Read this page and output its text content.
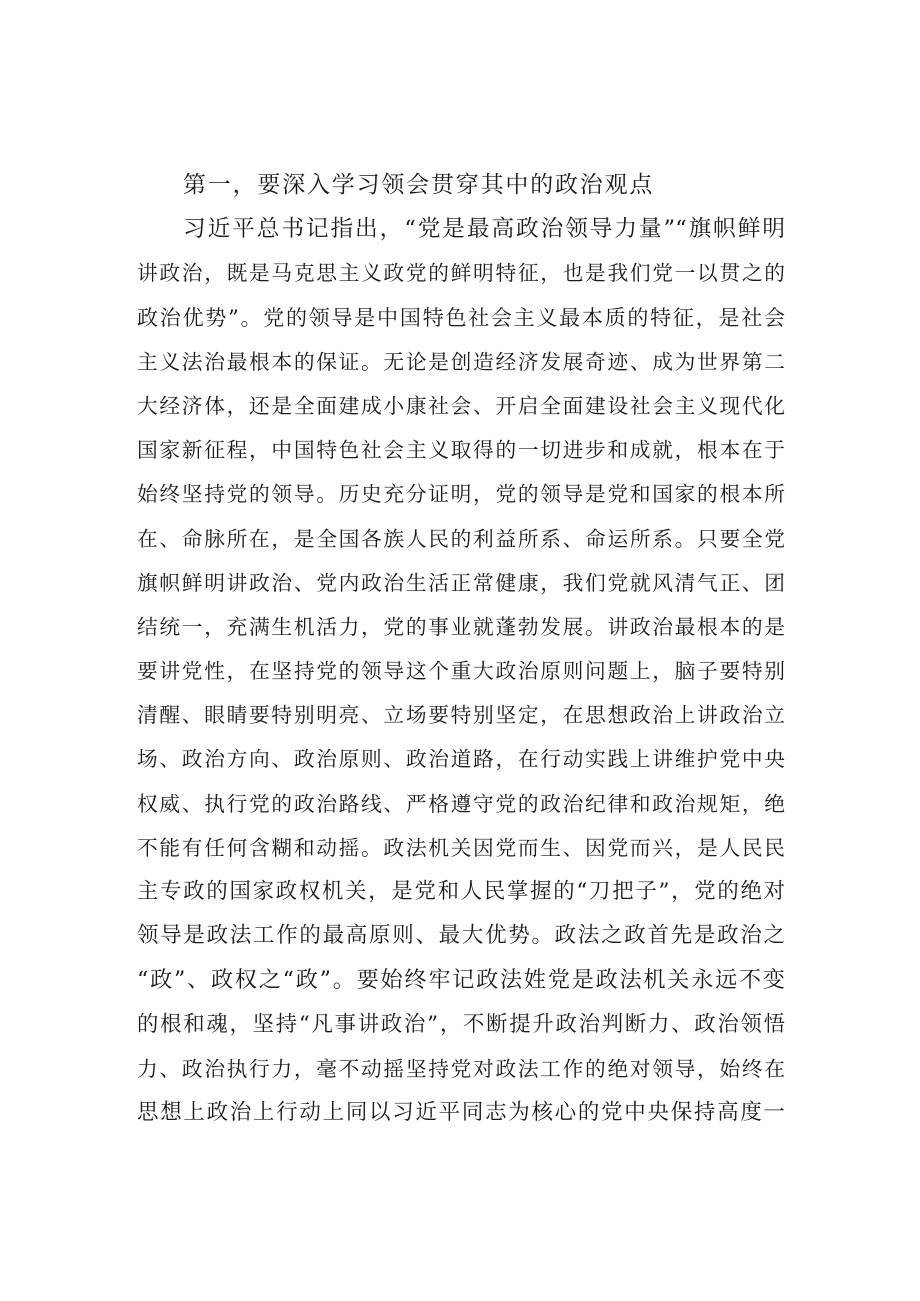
第一，要深入学习领会贯穿其中的政治观点
习近平总书记指出，“党是最高政治领导力量”“旗帜鲜明
讲政治，既是马克思主义政党的鲜明特征，也是我们党一以贯之的
政治优势”。党的领导是中国特色社会主义最本质的特征，是社会
主义法治最根本的保证。无论是创造经济发展奇迹、成为世界第二
大经济体，还是全面建成小康社会、开启全面建设社会主义现代化
国家新征程，中国特色社会主义取得的一切进步和成就，根本在于
始终坚持党的领导。历史充分证明，党的领导是党和国家的根本所
在、命脉所在，是全国各族人民的利益所系、命运所系。只要全党
旗帜鲜明讲政治、党内政治生活正常健康，我们党就风清气正、团
结统一，充满生机活力，党的事业就蓬勃发展。讲政治最根本的是
要讲党性，在坚持党的领导这个重大政治原则问题上，脑子要特别
清醒、眼睛要特别明亮、立场要特别坚定，在思想政治上讲政治立
场、政治方向、政治原则、政治道路，在行动实践上讲维护党中央
权威、执行党的政治路线、严格遵守党的政治纪律和政治规矩，绝
不能有任何含糊和动摇。政法机关因党而生、因党而兴，是人民民
主专政的国家政权机关，是党和人民掌握的“刀把子”，党的绝对
领导是政法工作的最高原则、最大优势。政法之政首先是政治之
“政”、政权之“政”。要始终牢记政法姓党是政法机关永远不变
的根和魂，坚持“凡事讲政治”，不断提升政治判断力、政治领悟
力、政治执行力，毫不动摇坚持党对政法工作的绝对领导，始终在
思想上政治上行动上同以习近平同志为核心的党中央保持高度一
